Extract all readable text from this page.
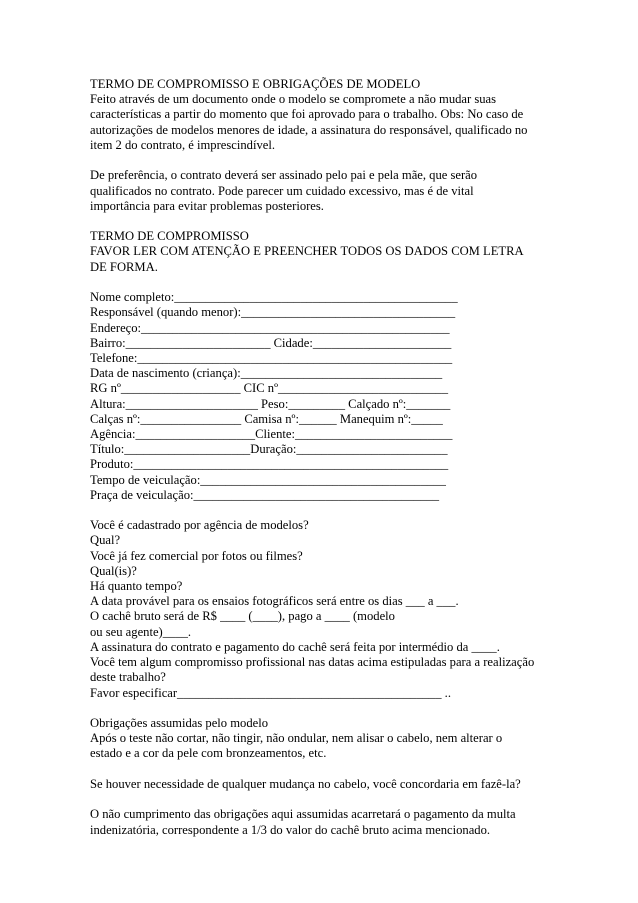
TERMO DE COMPROMISSO E OBRIGAÇÕES DE MODELO

Feito através de um documento onde o modelo se compromete a não mudar suas

características a partir do momento que foi aprovado para o trabalho. Obs: No caso de

autorizações de modelos menores de idade, a assinatura do responsável, qualificado no

item 2 do contrato, é imprescindível.

De preferência, o contrato deverá ser assinado pelo pai e pela mãe, que serão

qualificados no contrato. Pode parecer um cuidado excessivo, mas é de vital

importância para evitar problemas posteriores.

TERMO DE COMPROMISSO

FAVOR LER COM ATENÇÃO E PREENCHER TODOS OS DADOS COM LETRA

DE FORMA.

Nome completo:_____________________________________________

Responsável (quando menor):__________________________________

Endereço:_________________________________________________

Bairro:_______________________ Cidade:______________________

Telefone:__________________________________________________

Data de nascimento (criança):________________________________

RG nº___________________ CIC nº___________________________

Altura:_____________________ Peso:_________ Calçado nº:_______

Calças nº:________________ Camisa nº:______ Manequim nº:_____

Agência:___________________Cliente:_________________________

Título:____________________Duração:________________________

Produto:__________________________________________________

Tempo de veiculação:_______________________________________

Praça de veiculação:_______________________________________

Você é cadastrado por agência de modelos?

Qual?

Você já fez comercial por fotos ou filmes?

Qual(is)?

Há quanto tempo?

A data provável para os ensaios fotográficos será entre os dias ___ a ___.

O cachê bruto será de R$ ____ (____), pago a ____ (modelo

ou seu agente)____.

A assinatura do contrato e pagamento do cachê será feita por intermédio da ____.

Você tem algum compromisso profissional nas datas acima estipuladas para a realização

deste trabalho?

Favor especificar__________________________________________ ..

Obrigações assumidas pelo modelo

Após o teste não cortar, não tingir, não ondular, nem alisar o cabelo, nem alterar o

estado e a cor da pele com bronzeamentos, etc.

Se houver necessidade de qualquer mudança no cabelo, você concordaria em fazê-la?

O não cumprimento das obrigações aqui assumidas acarretará o pagamento da multa

indenizatória, correspondente a 1/3 do valor do cachê bruto acima mencionado.
